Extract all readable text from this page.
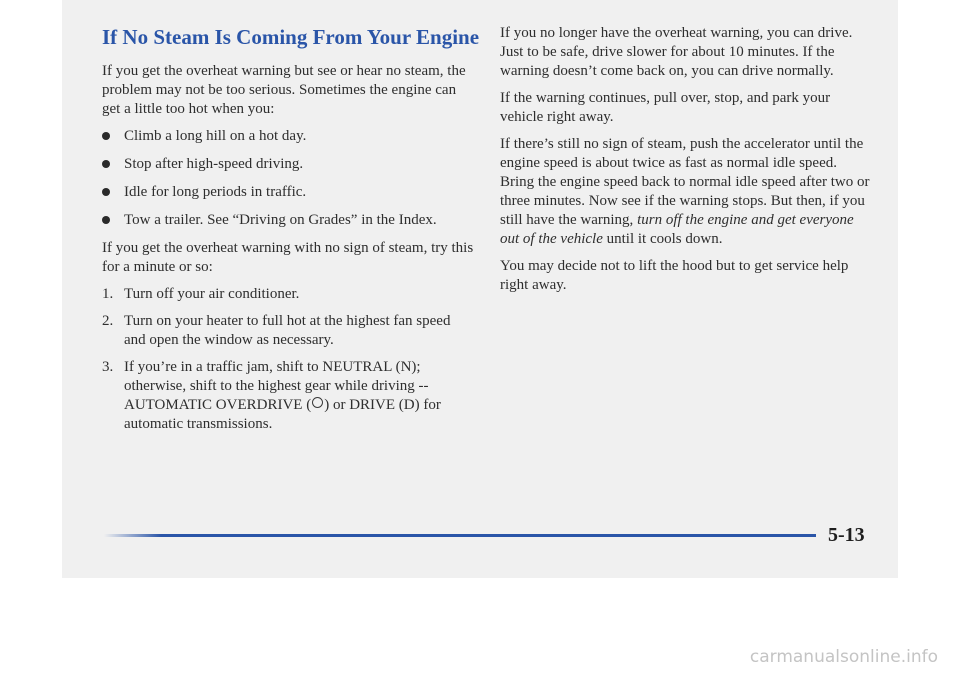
If No Steam Is Coming From Your Engine

If you get the overheat warning but see or hear no steam, the problem may not be too serious. Sometimes the engine can get a little too hot when you:

Climb a long hill on a hot day.
Stop after high-speed driving.
Idle for long periods in traffic.
Tow a trailer. See “Driving on Grades” in the Index.

If you get the overheat warning with no sign of steam, try this for a minute or so:

1. Turn off your air conditioner.
2. Turn on your heater to full hot at the highest fan speed and open the window as necessary.
3. If you’re in a traffic jam, shift to NEUTRAL (N); otherwise, shift to the highest gear while driving -- AUTOMATIC OVERDRIVE ( ) or DRIVE (D) for automatic transmissions.

If you no longer have the overheat warning, you can drive. Just to be safe, drive slower for about 10 minutes. If the warning doesn’t come back on, you can drive normally.

If the warning continues, pull over, stop, and park your vehicle right away.

If there’s still no sign of steam, push the accelerator until the engine speed is about twice as fast as normal idle speed. Bring the engine speed back to normal idle speed after two or three minutes. Now see if the warning stops. But then, if you still have the warning, turn off the engine and get everyone out of the vehicle until it cools down.

You may decide not to lift the hood but to get service help right away.

5-13
carmanualsonline.info
